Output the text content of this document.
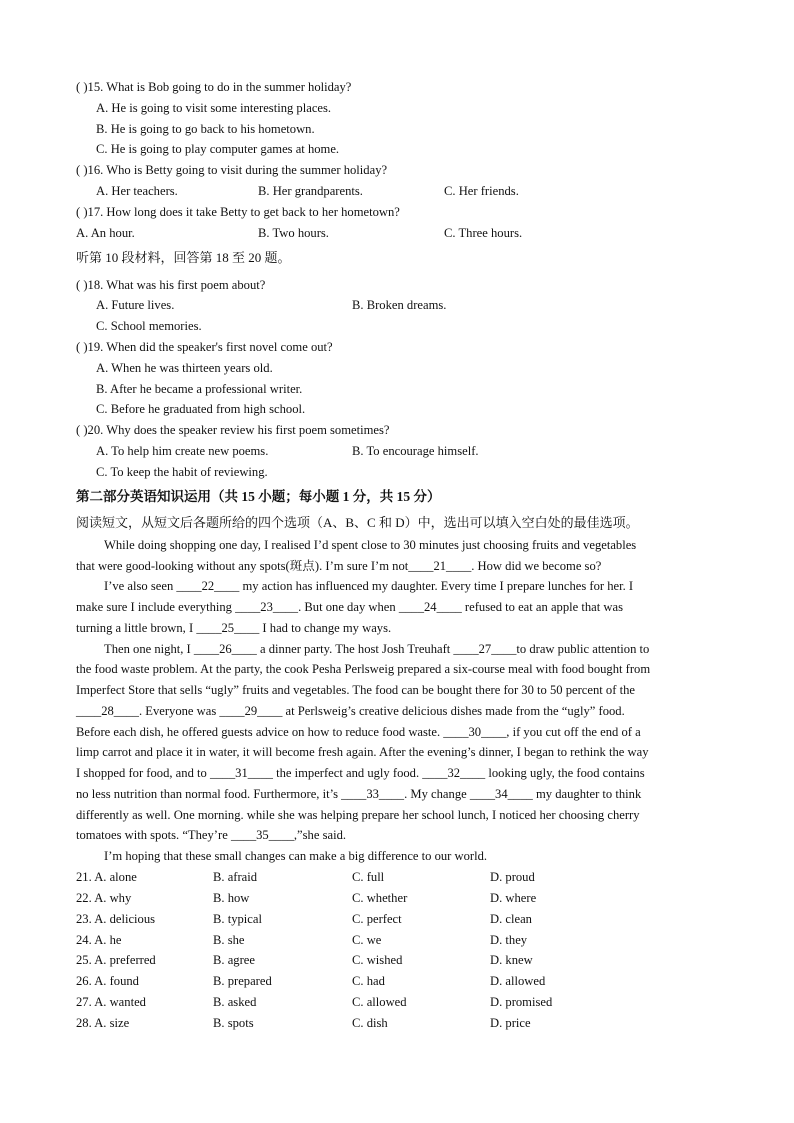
( )15. What is Bob going to do in the summer holiday?
A. He is going to visit some interesting places.
B. He is going to go back to his hometown.
C. He is going to play computer games at home.
( )16. Who is Betty going to visit during the summer holiday?
A. Her teachers.	B. Her grandparents.	C. Her friends.
( )17. How long does it take Betty to get back to her hometown?
A. An hour.	B. Two hours.	C. Three hours.
听第 10 段材料，回答第 18 至 20 题。
( )18. What was his first poem about?
A. Future lives.	B. Broken dreams.
C. School memories.
( )19. When did the speaker's first novel come out?
A. When he was thirteen years old.
B. After he became a professional writer.
C. Before he graduated from high school.
( )20. Why does the speaker review his first poem sometimes?
A. To help him create new poems.	B. To encourage himself.
C. To keep the habit of reviewing.
第二部分英语知识运用（共 15 小题；每小题 1 分，共 15 分）
阅读短文，从短文后各题所给的四个选项（A、B、C 和 D）中，选出可以填入空白处的最佳选项。
While doing shopping one day, I realised I’d spent close to 30 minutes just choosing fruits and vegetables
that were good-looking without any spots(斑点). I’m sure I’m not____21____. How did we become so?
I’ve also seen ____22____ my action has influenced my daughter. Every time I prepare lunches for her. I
make sure I include everything ____23____. But one day when ____24____ refused to eat an apple that was
turning a little brown, I ____25____ I had to change my ways.
Then one night, I ____26____ a dinner party. The host Josh Treuhaft ____27____to draw public attention to
the food waste problem. At the party, the cook Pesha Perlsweig prepared a six-course meal with food bought from
Imperfect Store that sells “ugly” fruits and vegetables. The food can be bought there for 30 to 50 percent of the
____28____. Everyone was ____29____ at Perlsweig’s creative delicious dishes made from the “ugly” food.
Before each dish, he offered guests advice on how to reduce food waste. ____30____, if you cut off the end of a
limp carrot and place it in water, it will become fresh again. After the evening’s dinner, I began to rethink the way
I shopped for food, and to ____31____ the imperfect and ugly food. ____32____ looking ugly, the food contains
no less nutrition than normal food. Furthermore, it’s ____33____. My change ____34____ my daughter to think
differently as well. One morning. while she was helping prepare her school lunch, I noticed her choosing cherry
tomatoes with spots. “They’re ____35____,”she said.
I’m hoping that these small changes can make a big difference to our world.
21. A. alone	B. afraid	C. full	D. proud
22. A. why	B. how	C. whether	D. where
23. A. delicious	B. typical	C. perfect	D. clean
24. A. he	B. she	C. we	D. they
25. A. preferred	B. agree	C. wished	D. knew
26. A. found	B. prepared	C. had	D. allowed
27. A. wanted	B. asked	C. allowed	D. promised
28. A. size	B. spots	C. dish	D. price
